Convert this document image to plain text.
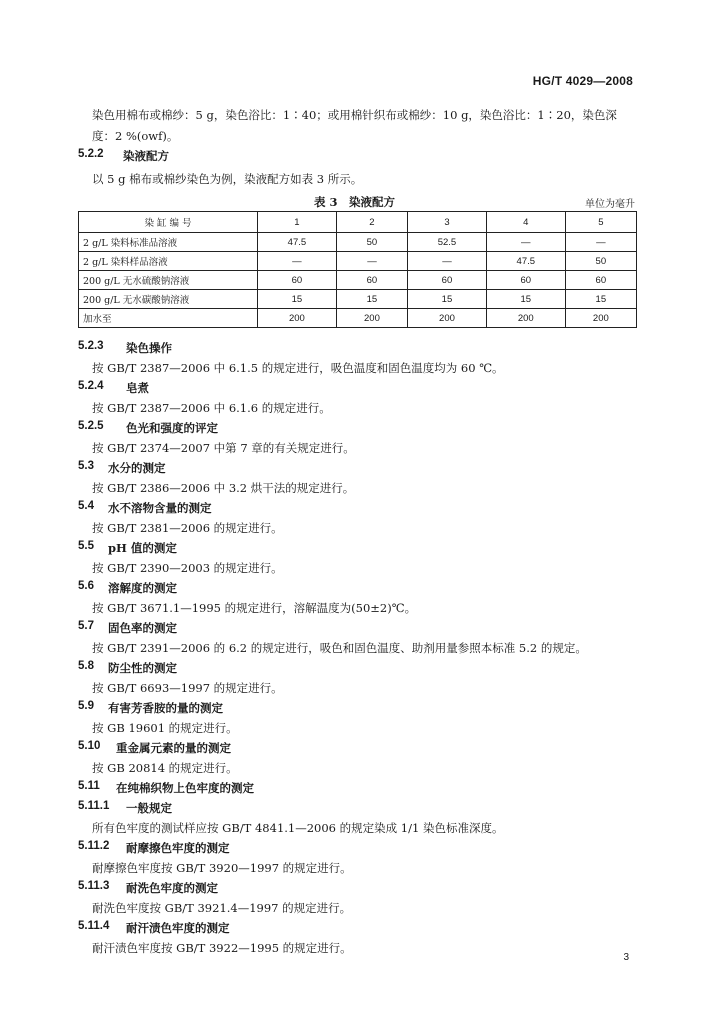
HG/T 4029—2008
染色用棉布或棉纱：5 g，染色浴比：1∶40；或用棉针织布或棉纱：10 g，染色浴比：1∶20，染色深度：2 %(owf)。
5.2.2 染液配方
以 5 g 棉布或棉纱染色为例，染液配方如表 3 所示。
表 3　染液配方	单位为毫升
染 缸 编 号	1	2	3	4	5
2 g/L 染料标准品溶液	47.5	50	52.5	—	—
2 g/L 染料样品溶液	—	—	—	47.5	50
200 g/L 无水硫酸钠溶液	60	60	60	60	60
200 g/L 无水碳酸钠溶液	15	15	15	15	15
加水至	200	200	200	200	200
5.2.3 染色操作
按 GB/T 2387—2006 中 6.1.5 的规定进行，吸色温度和固色温度均为 60 ℃。
5.2.4 皂煮
按 GB/T 2387—2006 中 6.1.6 的规定进行。
5.2.5 色光和强度的评定
按 GB/T 2374—2007 中第 7 章的有关规定进行。
5.3 水分的测定
按 GB/T 2386—2006 中 3.2 烘干法的规定进行。
5.4 水不溶物含量的测定
按 GB/T 2381—2006 的规定进行。
5.5 pH 值的测定
按 GB/T 2390—2003 的规定进行。
5.6 溶解度的测定
按 GB/T 3671.1—1995 的规定进行，溶解温度为(50±2)℃。
5.7 固色率的测定
按 GB/T 2391—2006 的 6.2 的规定进行，吸色和固色温度、助剂用量参照本标准 5.2 的规定。
5.8 防尘性的测定
按 GB/T 6693—1997 的规定进行。
5.9 有害芳香胺的量的测定
按 GB 19601 的规定进行。
5.10 重金属元素的量的测定
按 GB 20814 的规定进行。
5.11 在纯棉织物上色牢度的测定
5.11.1 一般规定
所有色牢度的测试样应按 GB/T 4841.1—2006 的规定染成 1/1 染色标准深度。
5.11.2 耐摩擦色牢度的测定
耐摩擦色牢度按 GB/T 3920—1997 的规定进行。
5.11.3 耐洗色牢度的测定
耐洗色牢度按 GB/T 3921.4—1997 的规定进行。
5.11.4 耐汗渍色牢度的测定
耐汗渍色牢度按 GB/T 3922—1995 的规定进行。
3
